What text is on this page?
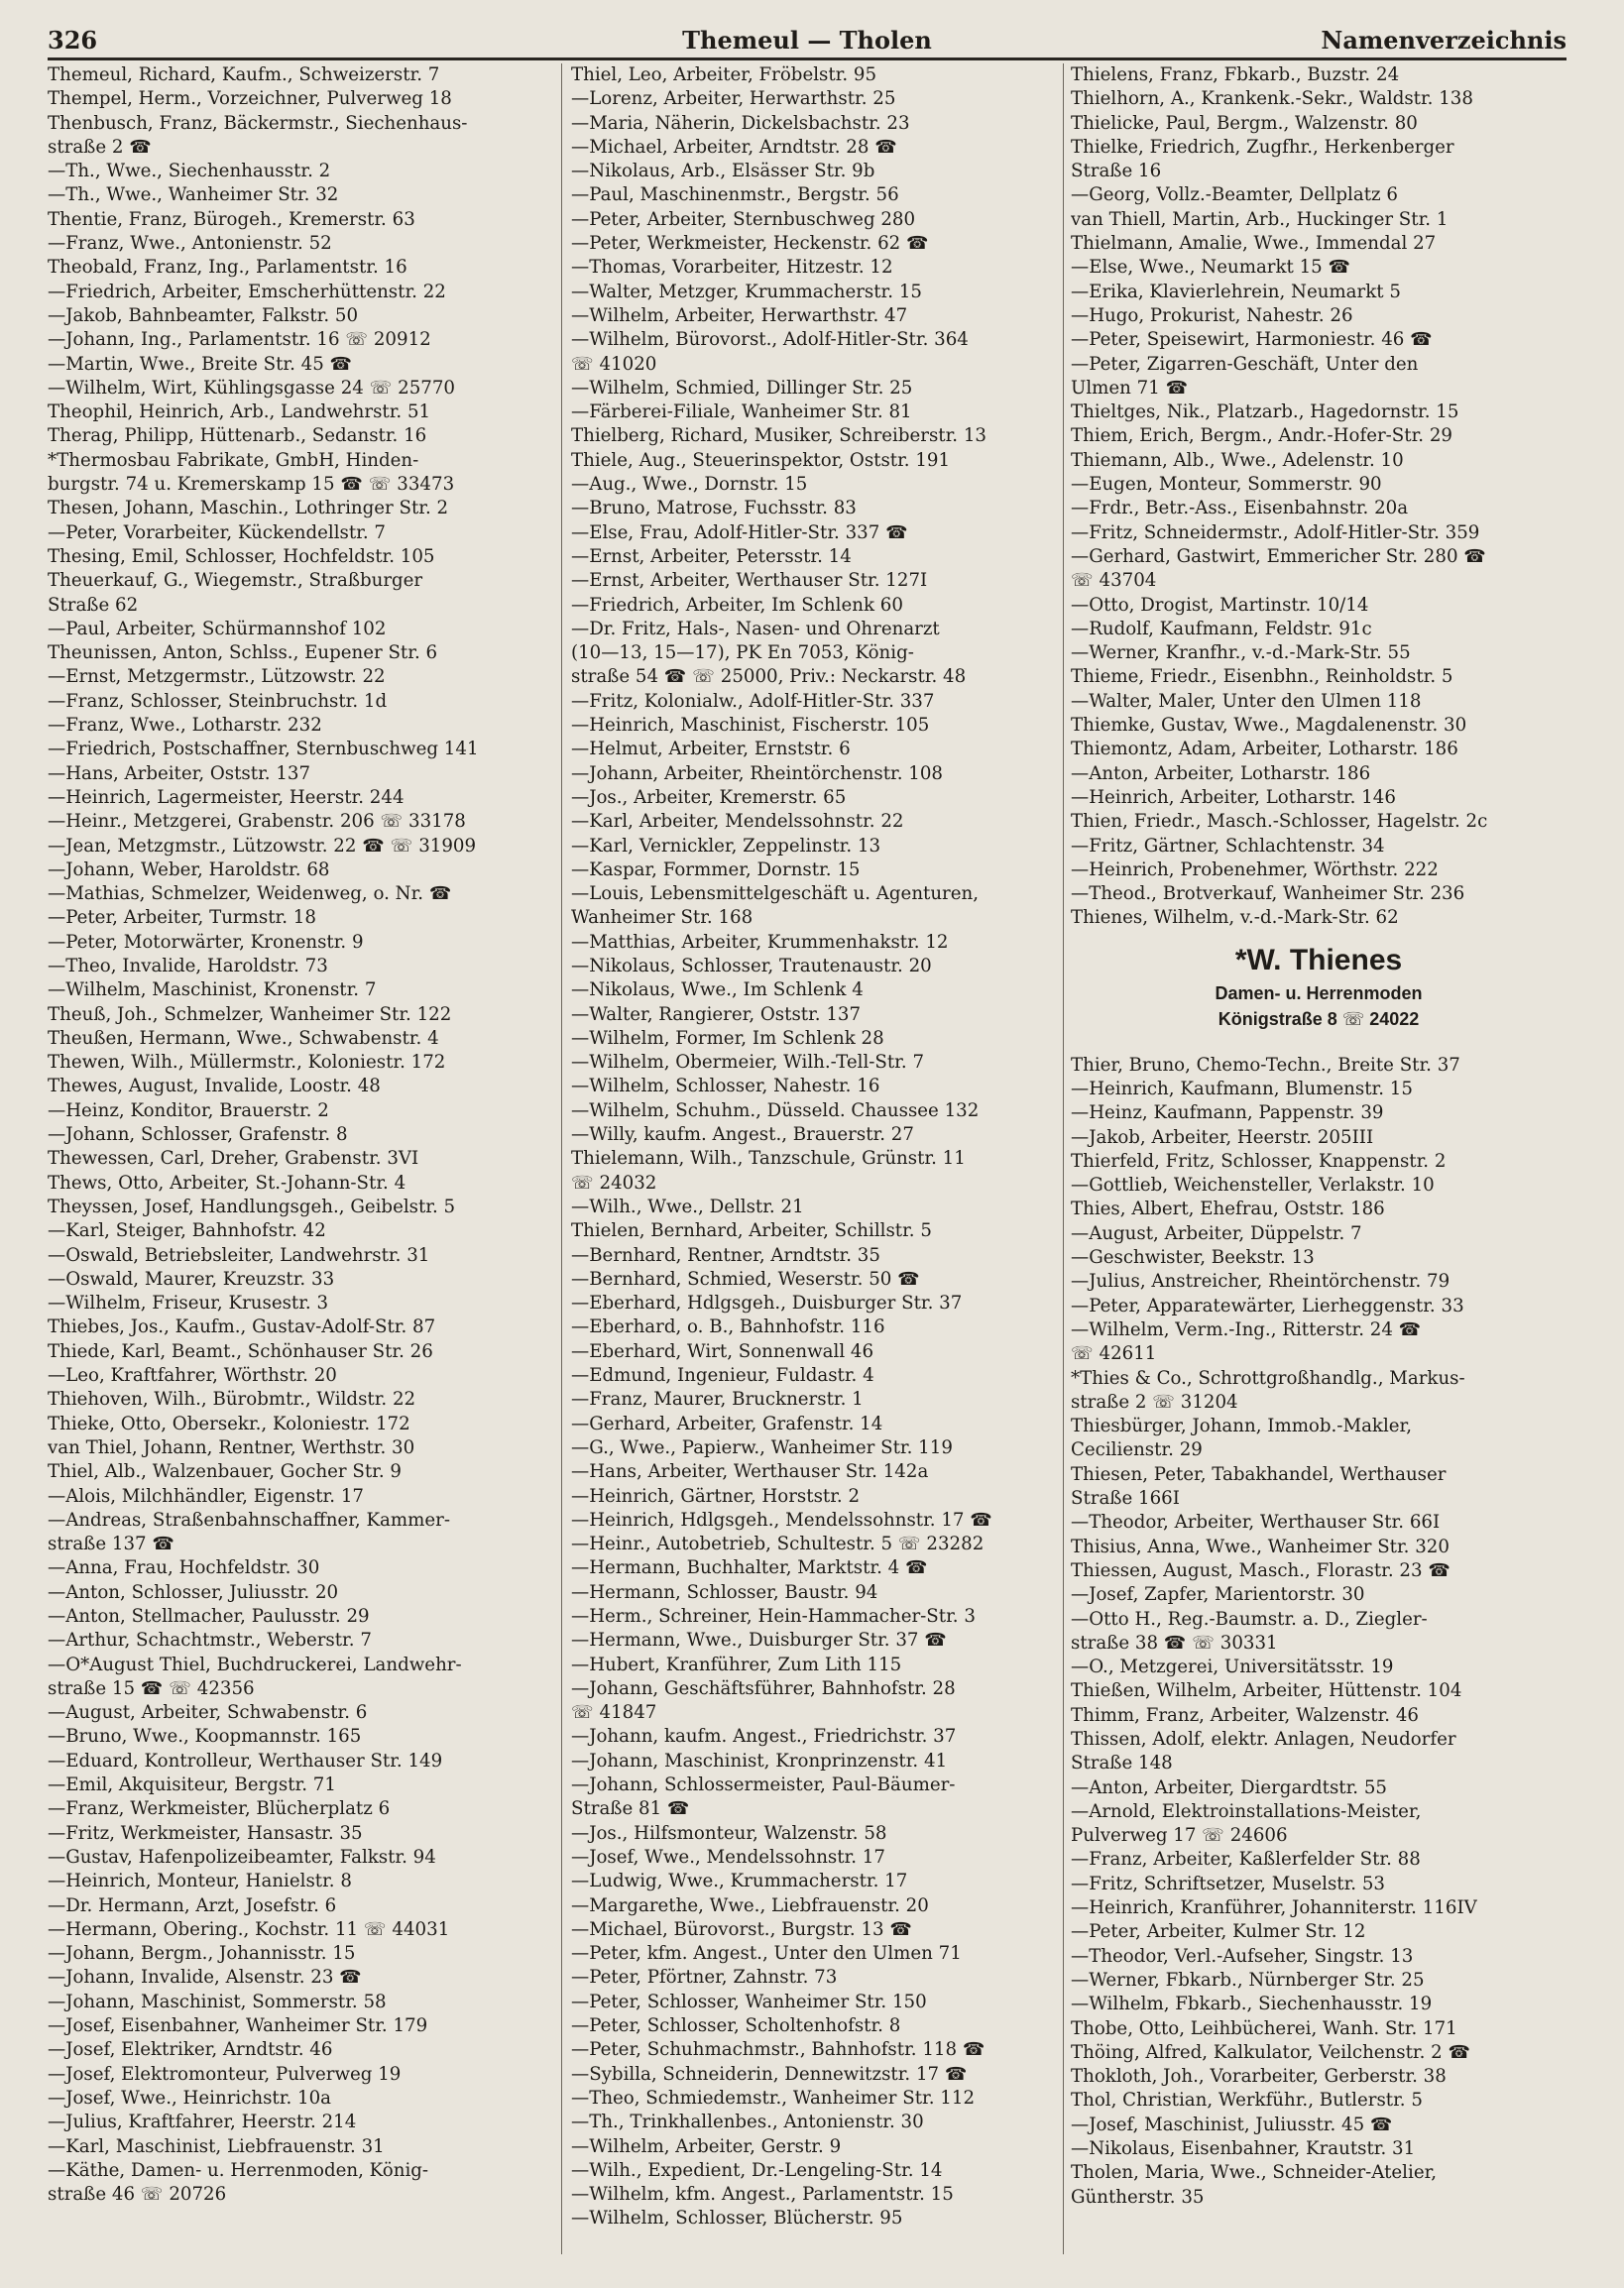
326	Themeul — Tholen	Namenverzeichnis
Themeul, Richard, Kaufm., Schweizerstr. 7
Thempel, Herm., Vorzeichner, Pulverweg 18
Thenbusch, Franz, Bäckermstr., Siechenhaus-
straße 2 ☎
—Th., Wwe., Siechenhausstr. 2
—Th., Wwe., Wanheimer Str. 32
Thentie, Franz, Bürogeh., Kremerstr. 63
—Franz, Wwe., Antonienstr. 52
Theobald, Franz, Ing., Parlamentstr. 16
—Friedrich, Arbeiter, Emscherhüttenstr. 22
—Jakob, Bahnbeamter, Falkstr. 50
—Johann, Ing., Parlamentstr. 16 ☏ 20912
—Martin, Wwe., Breite Str. 45 ☎
—Wilhelm, Wirt, Kühlingsgasse 24 ☏ 25770
Theophil, Heinrich, Arb., Landwehrstr. 51
Therag, Philipp, Hüttenarb., Sedanstr. 16
*Thermosbau Fabrikate, GmbH, Hinden-
burgstr. 74 u. Kremerskamp 15 ☎ ☏ 33473
Thesen, Johann, Maschin., Lothringer Str. 2
—Peter, Vorarbeiter, Kückendellstr. 7
Thesing, Emil, Schlosser, Hochfeldstr. 105
Theuerkauf, G., Wiegemstr., Straßburger
Straße 62
—Paul, Arbeiter, Schürmannshof 102
Theunissen, Anton, Schlss., Eupener Str. 6
—Ernst, Metzgermstr., Lützowstr. 22
—Franz, Schlosser, Steinbruchstr. 1d
—Franz, Wwe., Lotharstr. 232
—Friedrich, Postschaffner, Sternbuschweg 141
—Hans, Arbeiter, Oststr. 137
—Heinrich, Lagermeister, Heerstr. 244
—Heinr., Metzgerei, Grabenstr. 206 ☏ 33178
—Jean, Metzgmstr., Lützowstr. 22 ☎ ☏ 31909
—Johann, Weber, Haroldstr. 68
—Mathias, Schmelzer, Weidenweg, o. Nr. ☎
—Peter, Arbeiter, Turmstr. 18
—Peter, Motorwärter, Kronenstr. 9
—Theo, Invalide, Haroldstr. 73
—Wilhelm, Maschinist, Kronenstr. 7
Theuß, Joh., Schmelzer, Wanheimer Str. 122
Theußen, Hermann, Wwe., Schwabenstr. 4
Thewen, Wilh., Müllermstr., Koloniestr. 172
Thewes, August, Invalide, Loostr. 48
—Heinz, Konditor, Brauerstr. 2
—Johann, Schlosser, Grafenstr. 8
Thewessen, Carl, Dreher, Grabenstr. 3VI
Thews, Otto, Arbeiter, St.-Johann-Str. 4
Theyssen, Josef, Handlungsgeh., Geibelstr. 5
—Karl, Steiger, Bahnhofstr. 42
—Oswald, Betriebsleiter, Landwehrstr. 31
—Oswald, Maurer, Kreuzstr. 33
—Wilhelm, Friseur, Krusestr. 3
Thiebes, Jos., Kaufm., Gustav-Adolf-Str. 87
Thiede, Karl, Beamt., Schönhauser Str. 26
—Leo, Kraftfahrer, Wörthstr. 20
Thiehoven, Wilh., Bürobmtr., Wildstr. 22
Thieke, Otto, Obersekr., Koloniestr. 172
van Thiel, Johann, Rentner, Werthstr. 30
Thiel, Alb., Walzenbauer, Gocher Str. 9
—Alois, Milchhändler, Eigenstr. 17
—Andreas, Straßenbahnschaffner, Kammer-
straße 137 ☎
—Anna, Frau, Hochfeldstr. 30
—Anton, Schlosser, Juliusstr. 20
—Anton, Stellmacher, Paulusstr. 29
—Arthur, Schachtmstr., Weberstr. 7
—O*August Thiel, Buchdruckerei, Landwehr-
straße 15 ☎ ☏ 42356
—August, Arbeiter, Schwabenstr. 6
—Bruno, Wwe., Koopmannstr. 165
—Eduard, Kontrolleur, Werthauser Str. 149
—Emil, Akquisiteur, Bergstr. 71
—Franz, Werkmeister, Blücherplatz 6
—Fritz, Werkmeister, Hansastr. 35
—Gustav, Hafenpolizeibeamter, Falkstr. 94
—Heinrich, Monteur, Hanielstr. 8
—Dr. Hermann, Arzt, Josefstr. 6
—Hermann, Obering., Kochstr. 11 ☏ 44031
—Johann, Bergm., Johannisstr. 15
—Johann, Invalide, Alsenstr. 23 ☎
—Johann, Maschinist, Sommerstr. 58
—Josef, Eisenbahner, Wanheimer Str. 179
—Josef, Elektriker, Arndtstr. 46
—Josef, Elektromonteur, Pulverweg 19
—Josef, Wwe., Heinrichstr. 10a
—Julius, Kraftfahrer, Heerstr. 214
—Karl, Maschinist, Liebfrauenstr. 31
—Käthe, Damen- u. Herrenmoden, König-
straße 46 ☏ 20726
Thiel, Leo, Arbeiter, Fröbelstr. 95
—Lorenz, Arbeiter, Herwarthstr. 25
—Maria, Näherin, Dickelsbachstr. 23
—Michael, Arbeiter, Arndtstr. 28 ☎
—Nikolaus, Arb., Elsässer Str. 9b
—Paul, Maschinenmstr., Bergstr. 56
—Peter, Arbeiter, Sternbuschweg 280
—Peter, Werkmeister, Heckenstr. 62 ☎
—Thomas, Vorarbeiter, Hitzestr. 12
—Walter, Metzger, Krummacherstr. 15
—Wilhelm, Arbeiter, Herwarthstr. 47
—Wilhelm, Bürovorst., Adolf-Hitler-Str. 364
☏ 41020
—Wilhelm, Schmied, Dillinger Str. 25
—Färberei-Filiale, Wanheimer Str. 81
Thielberg, Richard, Musiker, Schreiberstr. 13
Thiele, Aug., Steuerinspektor, Oststr. 191
—Aug., Wwe., Dornstr. 15
—Bruno, Matrose, Fuchsstr. 83
—Else, Frau, Adolf-Hitler-Str. 337 ☎
—Ernst, Arbeiter, Petersstr. 14
—Ernst, Arbeiter, Werthauser Str. 127I
—Friedrich, Arbeiter, Im Schlenk 60
—Dr. Fritz, Hals-, Nasen- und Ohrenarzt
(10—13, 15—17), PK En 7053, König-
straße 54 ☎ ☏ 25000, Priv.: Neckarstr. 48
—Fritz, Kolonialw., Adolf-Hitler-Str. 337
—Heinrich, Maschinist, Fischerstr. 105
—Helmut, Arbeiter, Ernststr. 6
—Johann, Arbeiter, Rheintörchenstr. 108
—Jos., Arbeiter, Kremerstr. 65
—Karl, Arbeiter, Mendelssohnstr. 22
—Karl, Vernickler, Zeppelinstr. 13
—Kaspar, Formmer, Dornstr. 15
—Louis, Lebensmittelgeschäft u. Agenturen,
Wanheimer Str. 168
—Matthias, Arbeiter, Krummenhakstr. 12
—Nikolaus, Schlosser, Trautenaustr. 20
—Nikolaus, Wwe., Im Schlenk 4
—Walter, Rangierer, Oststr. 137
—Wilhelm, Former, Im Schlenk 28
—Wilhelm, Obermeier, Wilh.-Tell-Str. 7
—Wilhelm, Schlosser, Nahestr. 16
—Wilhelm, Schuhm., Düsseld. Chaussee 132
—Willy, kaufm. Angest., Brauerstr. 27
Thielemann, Wilh., Tanzschule, Grünstr. 11
☏ 24032
—Wilh., Wwe., Dellstr. 21
Thielen, Bernhard, Arbeiter, Schillstr. 5
—Bernhard, Rentner, Arndtstr. 35
—Bernhard, Schmied, Weserstr. 50 ☎
—Eberhard, Hdlgsgeh., Duisburger Str. 37
—Eberhard, o. B., Bahnhofstr. 116
—Eberhard, Wirt, Sonnenwall 46
—Edmund, Ingenieur, Fuldastr. 4
—Franz, Maurer, Brucknerstr. 1
—Gerhard, Arbeiter, Grafenstr. 14
—G., Wwe., Papierw., Wanheimer Str. 119
—Hans, Arbeiter, Werthauser Str. 142a
—Heinrich, Gärtner, Horststr. 2
—Heinrich, Hdlgsgeh., Mendelssohnstr. 17 ☎
—Heinr., Autobetrieb, Schultestr. 5 ☏ 23282
—Hermann, Buchhalter, Marktstr. 4 ☎
—Hermann, Schlosser, Baustr. 94
—Herm., Schreiner, Hein-Hammacher-Str. 3
—Hermann, Wwe., Duisburger Str. 37 ☎
—Hubert, Kranführer, Zum Lith 115
—Johann, Geschäftsführer, Bahnhofstr. 28
☏ 41847
—Johann, kaufm. Angest., Friedrichstr. 37
—Johann, Maschinist, Kronprinzenstr. 41
—Johann, Schlossermeister, Paul-Bäumer-
Straße 81 ☎
—Jos., Hilfsmonteur, Walzenstr. 58
—Josef, Wwe., Mendelssohnstr. 17
—Ludwig, Wwe., Krummacherstr. 17
—Margarethe, Wwe., Liebfrauenstr. 20
—Michael, Bürovorst., Burgstr. 13 ☎
—Peter, kfm. Angest., Unter den Ulmen 71
—Peter, Pförtner, Zahnstr. 73
—Peter, Schlosser, Wanheimer Str. 150
—Peter, Schlosser, Scholtenhofstr. 8
—Peter, Schuhmachmstr., Bahnhofstr. 118 ☎
—Sybilla, Schneiderin, Dennewitzstr. 17 ☎
—Theo, Schmiedemstr., Wanheimer Str. 112
—Th., Trinkhallenbes., Antonienstr. 30
—Wilhelm, Arbeiter, Gerstr. 9
—Wilh., Expedient, Dr.-Lengeling-Str. 14
—Wilhelm, kfm. Angest., Parlamentstr. 15
—Wilhelm, Schlosser, Blücherstr. 95
Thielens, Franz, Fbkarb., Buzstr. 24
Thielhorn, A., Krankenk.-Sekr., Waldstr. 138
Thielicke, Paul, Bergm., Walzenstr. 80
Thielke, Friedrich, Zugfhr., Herkenberger
Straße 16
—Georg, Vollz.-Beamter, Dellplatz 6
van Thiell, Martin, Arb., Huckinger Str. 1
Thielmann, Amalie, Wwe., Immendal 27
—Else, Wwe., Neumarkt 15 ☎
—Erika, Klavierlehrein, Neumarkt 5
—Hugo, Prokurist, Nahestr. 26
—Peter, Speisewirt, Harmoniestr. 46 ☎
—Peter, Zigarren-Geschäft, Unter den
Ulmen 71 ☎
Thieltges, Nik., Platzarb., Hagedornstr. 15
Thiem, Erich, Bergm., Andr.-Hofer-Str. 29
Thiemann, Alb., Wwe., Adelenstr. 10
—Eugen, Monteur, Sommerstr. 90
—Frdr., Betr.-Ass., Eisenbahnstr. 20a
—Fritz, Schneidermstr., Adolf-Hitler-Str. 359
—Gerhard, Gastwirt, Emmericher Str. 280 ☎
☏ 43704
—Otto, Drogist, Martinstr. 10/14
—Rudolf, Kaufmann, Feldstr. 91c
—Werner, Kranfhr., v.-d.-Mark-Str. 55
Thieme, Friedr., Eisenbhn., Reinholdstr. 5
—Walter, Maler, Unter den Ulmen 118
Thiemke, Gustav, Wwe., Magdalenenstr. 30
Thiemontz, Adam, Arbeiter, Lotharstr. 186
—Anton, Arbeiter, Lotharstr. 186
—Heinrich, Arbeiter, Lotharstr. 146
Thien, Friedr., Masch.-Schlosser, Hagelstr. 2c
—Fritz, Gärtner, Schlachtenstr. 34
—Heinrich, Probenehmer, Wörthstr. 222
—Theod., Brotverkauf, Wanheimer Str. 236
Thienes, Wilhelm, v.-d.-Mark-Str. 62
*W. Thienes
Damen- u. Herrenmoden
Königstraße 8 ☏ 24022
Thier, Bruno, Chemo-Techn., Breite Str. 37
—Heinrich, Kaufmann, Blumenstr. 15
—Heinz, Kaufmann, Pappenstr. 39
—Jakob, Arbeiter, Heerstr. 205III
Thierfeld, Fritz, Schlosser, Knappenstr. 2
—Gottlieb, Weichensteller, Verlakstr. 10
Thies, Albert, Ehefrau, Oststr. 186
—August, Arbeiter, Düppelstr. 7
—Geschwister, Beekstr. 13
—Julius, Anstreicher, Rheintörchenstr. 79
—Peter, Apparatewärter, Lierheggenstr. 33
—Wilhelm, Verm.-Ing., Ritterstr. 24 ☎
☏ 42611
*Thies & Co., Schrottgroßhandlg., Markus-
straße 2 ☏ 31204
Thiesbürger, Johann, Immob.-Makler,
Cecilienstr. 29
Thiesen, Peter, Tabakhandel, Werthauser
Straße 166I
—Theodor, Arbeiter, Werthauser Str. 66I
Thisius, Anna, Wwe., Wanheimer Str. 320
Thiessen, August, Masch., Florastr. 23 ☎
—Josef, Zapfer, Marientorstr. 30
—Otto H., Reg.-Baumstr. a. D., Ziegler-
straße 38 ☎ ☏ 30331
—O., Metzgerei, Universitätsstr. 19
Thießen, Wilhelm, Arbeiter, Hüttenstr. 104
Thimm, Franz, Arbeiter, Walzenstr. 46
Thissen, Adolf, elektr. Anlagen, Neudorfer
Straße 148
—Anton, Arbeiter, Diergardtstr. 55
—Arnold, Elektroinstallations-Meister,
Pulverweg 17 ☏ 24606
—Franz, Arbeiter, Kaßlerfelder Str. 88
—Fritz, Schriftsetzer, Muselstr. 53
—Heinrich, Kranführer, Johanniterstr. 116IV
—Peter, Arbeiter, Kulmer Str. 12
—Theodor, Verl.-Aufseher, Singstr. 13
—Werner, Fbkarb., Nürnberger Str. 25
—Wilhelm, Fbkarb., Siechenhausstr. 19
Thobe, Otto, Leihbücherei, Wanh. Str. 171
Thöing, Alfred, Kalkulator, Veilchenstr. 2 ☎
Thokloth, Joh., Vorarbeiter, Gerberstr. 38
Thol, Christian, Werkführ., Butlerstr. 5
—Josef, Maschinist, Juliusstr. 45 ☎
—Nikolaus, Eisenbahner, Krautstr. 31
Tholen, Maria, Wwe., Schneider-Atelier,
Güntherstr. 35
